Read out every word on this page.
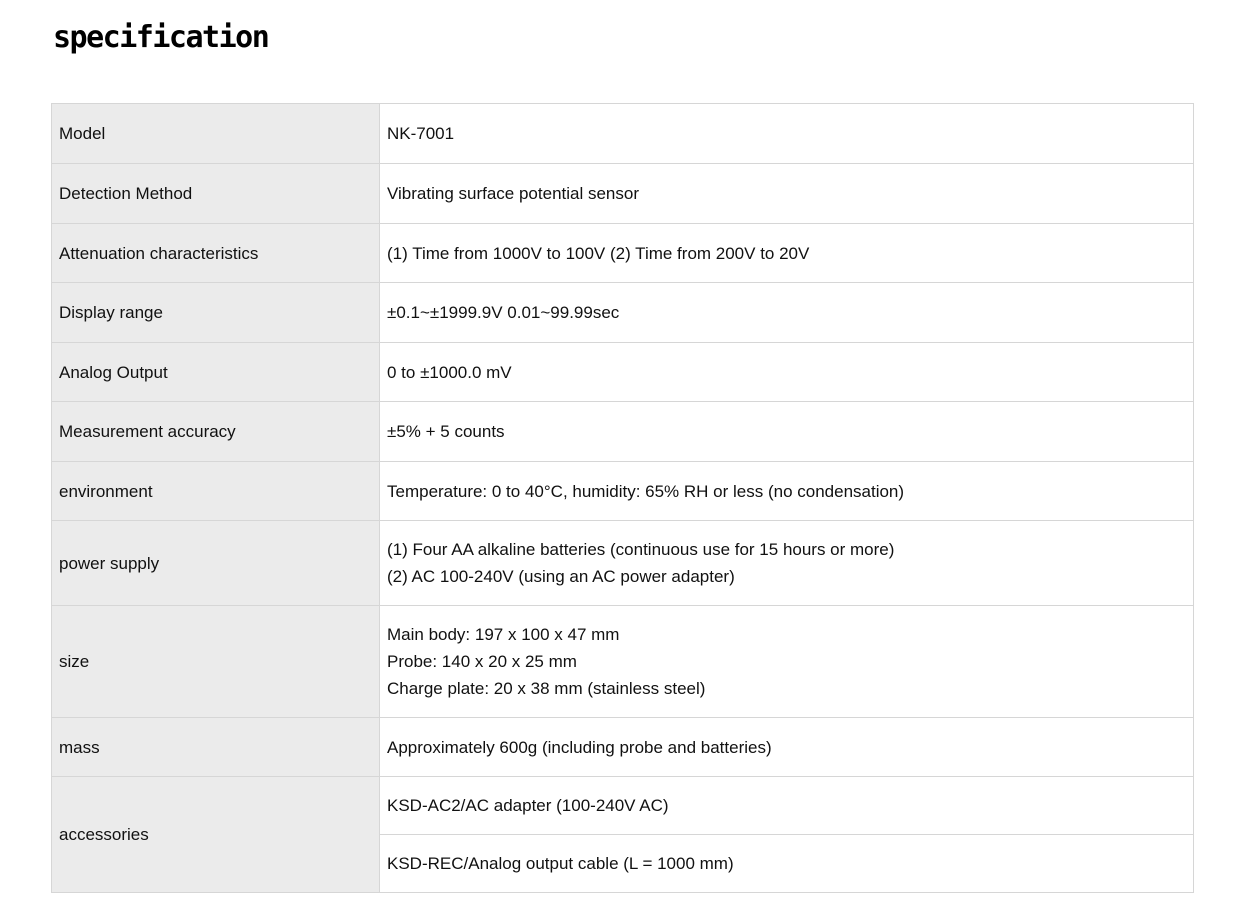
specification
Model	NK-7001

Detection Method	Vibrating surface potential sensor

Attenuation characteristics	(1) Time from 1000V to 100V (2) Time from 200V to 20V

Display range	±0.1~±1999.9V 0.01~99.99sec

Analog Output	0 to ±1000.0 mV

Measurement accuracy	±5% + 5 counts

environment	Temperature: 0 to 40°C, humidity: 65% RH or less (no condensation)

power supply	(1) Four AA alkaline batteries (continuous use for 15 hours or more)
(2) AC 100-240V (using an AC power adapter)

size	Main body: 197 x 100 x 47 mm
Probe: 140 x 20 x 25 mm
Charge plate: 20 x 38 mm (stainless steel)

mass	Approximately 600g (including probe and batteries)

accessories	KSD-AC2/AC adapter (100-240V AC)

	KSD-REC/Analog output cable (L = 1000 mm)
